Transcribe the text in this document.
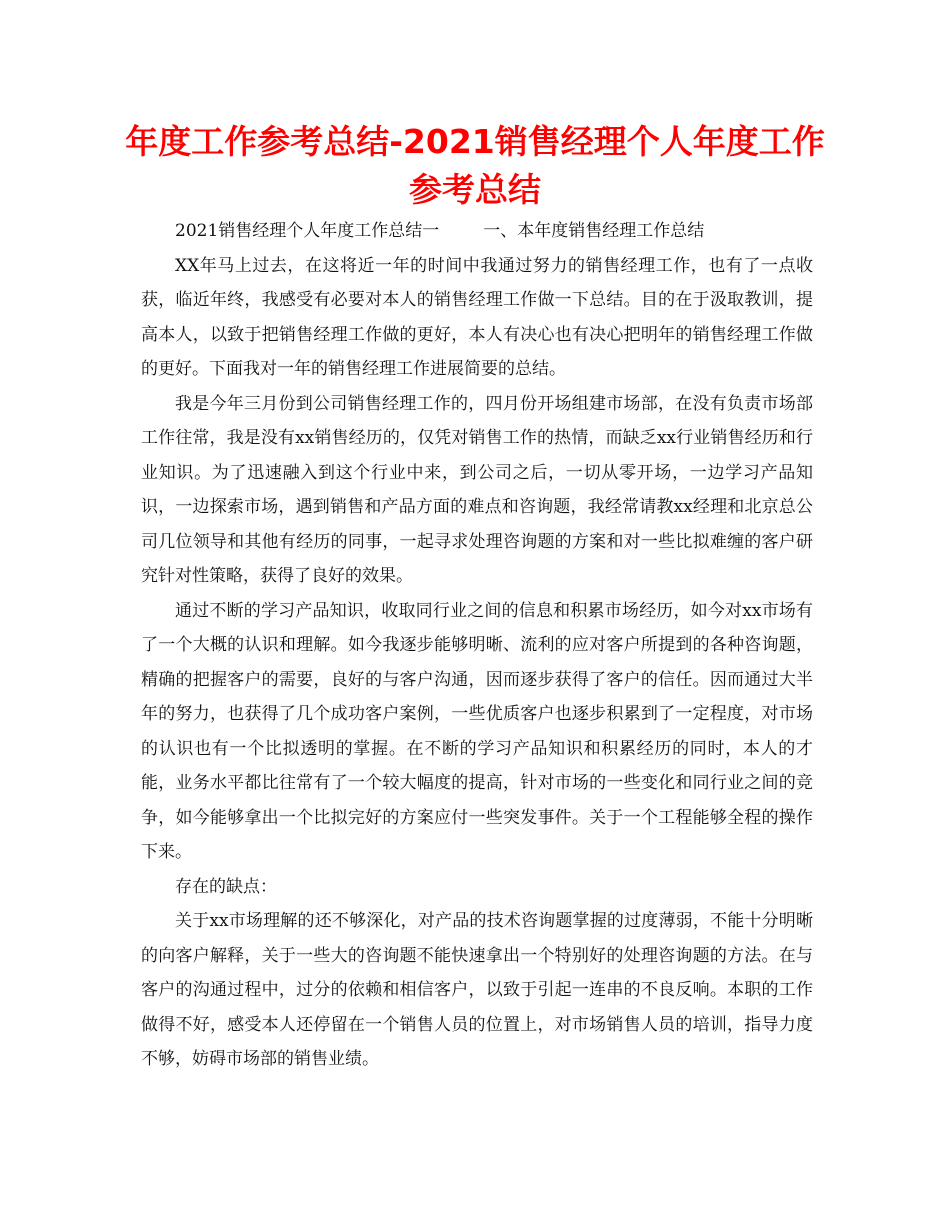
年度工作参考总结-2021销售经理个人年度工作参考总结

2021销售经理个人年度工作总结一	一、本年度销售经理工作总结

XX年马上过去，在这将近一年的时间中我通过努力的销售经理工作，也有了一点收获，临近年终，我感受有必要对本人的销售经理工作做一下总结。目的在于汲取教训，提高本人，以致于把销售经理工作做的更好，本人有决心也有决心把明年的销售经理工作做的更好。下面我对一年的销售经理工作进展简要的总结。

我是今年三月份到公司销售经理工作的，四月份开场组建市场部，在没有负责市场部工作往常，我是没有xx销售经历的，仅凭对销售工作的热情，而缺乏xx行业销售经历和行业知识。为了迅速融入到这个行业中来，到公司之后，一切从零开场，一边学习产品知识，一边探索市场，遇到销售和产品方面的难点和咨询题，我经常请教xx经理和北京总公司几位领导和其他有经历的同事，一起寻求处理咨询题的方案和对一些比拟难缠的客户研究针对性策略，获得了良好的效果。

通过不断的学习产品知识，收取同行业之间的信息和积累市场经历，如今对xx市场有了一个大概的认识和理解。如今我逐步能够明晰、流利的应对客户所提到的各种咨询题，精确的把握客户的需要，良好的与客户沟通，因而逐步获得了客户的信任。因而通过大半年的努力，也获得了几个成功客户案例，一些优质客户也逐步积累到了一定程度，对市场的认识也有一个比拟透明的掌握。在不断的学习产品知识和积累经历的同时，本人的才能，业务水平都比往常有了一个较大幅度的提高，针对市场的一些变化和同行业之间的竞争，如今能够拿出一个比拟完好的方案应付一些突发事件。关于一个工程能够全程的操作下来。

存在的缺点：

关于xx市场理解的还不够深化，对产品的技术咨询题掌握的过度薄弱，不能十分明晰的向客户解释，关于一些大的咨询题不能快速拿出一个特别好的处理咨询题的方法。在与客户的沟通过程中，过分的依赖和相信客户，以致于引起一连串的不良反响。本职的工作做得不好，感受本人还停留在一个销售人员的位置上，对市场销售人员的培训，指导力度不够，妨碍市场部的销售业绩。
